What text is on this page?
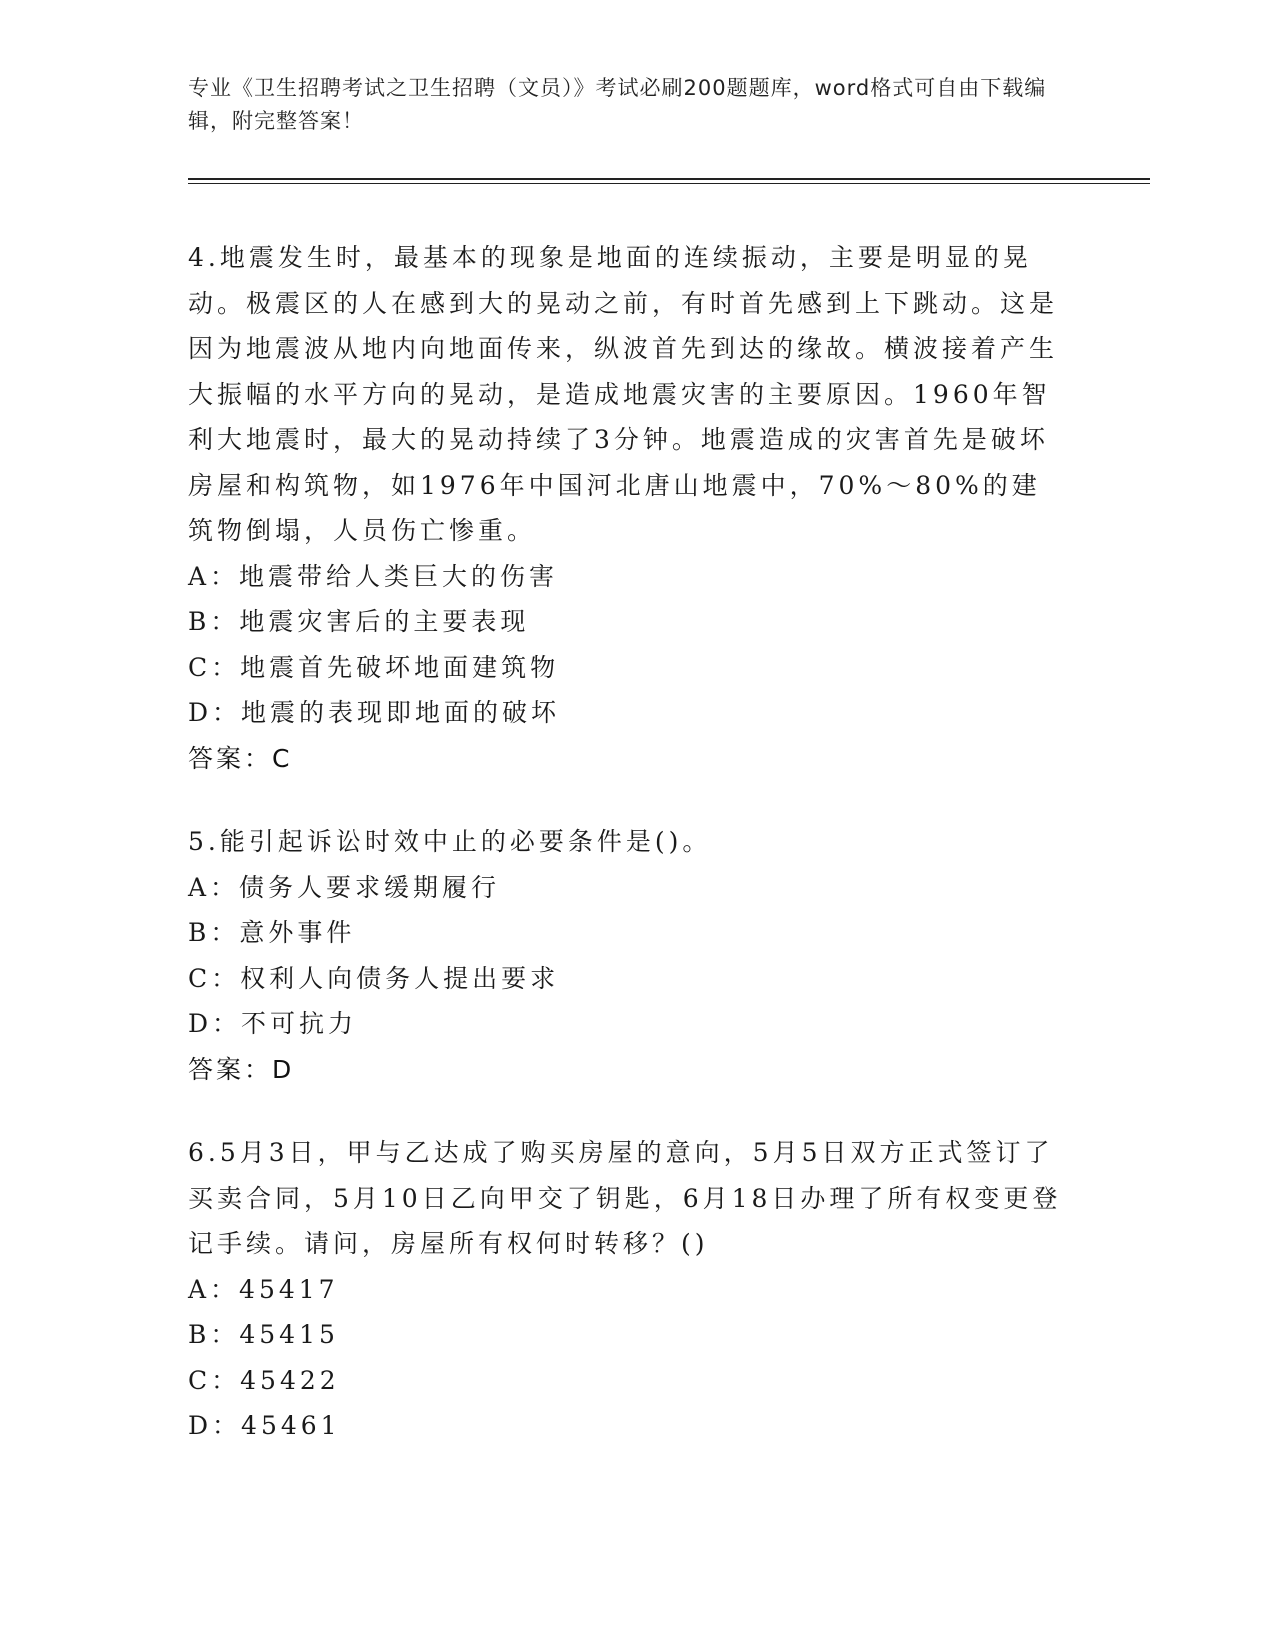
专业《卫生招聘考试之卫生招聘（文员）》考试必刷200题题库，word格式可自由下载编辑，附完整答案！

4.地震发生时，最基本的现象是地面的连续振动，主要是明显的晃动。极震区的人在感到大的晃动之前，有时首先感到上下跳动。这是因为地震波从地内向地面传来，纵波首先到达的缘故。横波接着产生大振幅的水平方向的晃动，是造成地震灾害的主要原因。1960年智利大地震时，最大的晃动持续了3分钟。地震造成的灾害首先是破坏房屋和构筑物，如1976年中国河北唐山地震中，70%～80%的建筑物倒塌，人员伤亡惨重。

A：地震带给人类巨大的伤害

B：地震灾害后的主要表现

C：地震首先破坏地面建筑物

D：地震的表现即地面的破坏

答案：C

5.能引起诉讼时效中止的必要条件是()。

A：债务人要求缓期履行

B：意外事件

C：权利人向债务人提出要求

D：不可抗力

答案：D

6.5月3日，甲与乙达成了购买房屋的意向，5月5日双方正式签订了买卖合同，5月10日乙向甲交了钥匙，6月18日办理了所有权变更登记手续。请问，房屋所有权何时转移？()

A：45417

B：45415

C：45422

D：45461
